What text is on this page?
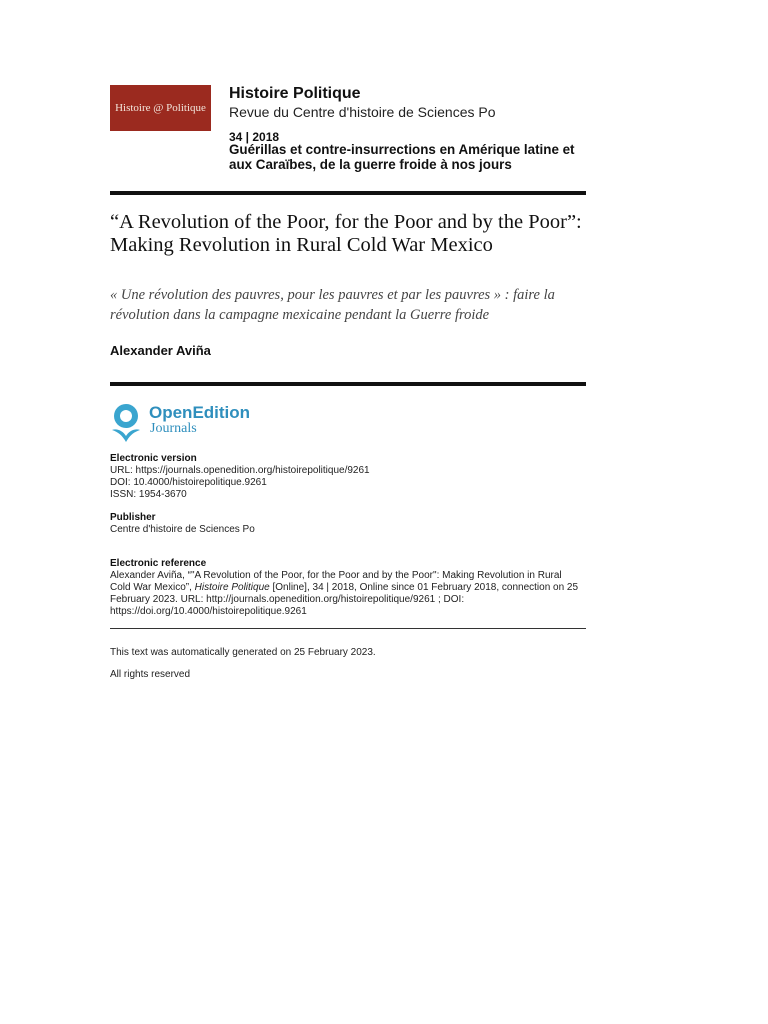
Histoire @ Politique
Histoire Politique
Revue du Centre d'histoire de Sciences Po
34 | 2018
Guérillas et contre-insurrections en Amérique latine et aux Caraïbes, de la guerre froide à nos jours
“A Revolution of the Poor, for the Poor and by the Poor”: Making Revolution in Rural Cold War Mexico
« Une révolution des pauvres, pour les pauvres et par les pauvres » : faire la révolution dans la campagne mexicaine pendant la Guerre froide
Alexander Aviña
OpenEdition
Journals
Electronic version
URL: https://journals.openedition.org/histoirepolitique/9261
DOI: 10.4000/histoirepolitique.9261
ISSN: 1954-3670
Publisher
Centre d'histoire de Sciences Po
Electronic reference
Alexander Aviña, “"A Revolution of the Poor, for the Poor and by the Poor": Making Revolution in Rural Cold War Mexico”, Histoire Politique [Online], 34 | 2018, Online since 01 February 2018, connection on 25 February 2023. URL: http://journals.openedition.org/histoirepolitique/9261 ; DOI: https://doi.org/10.4000/histoirepolitique.9261
This text was automatically generated on 25 February 2023.
All rights reserved
